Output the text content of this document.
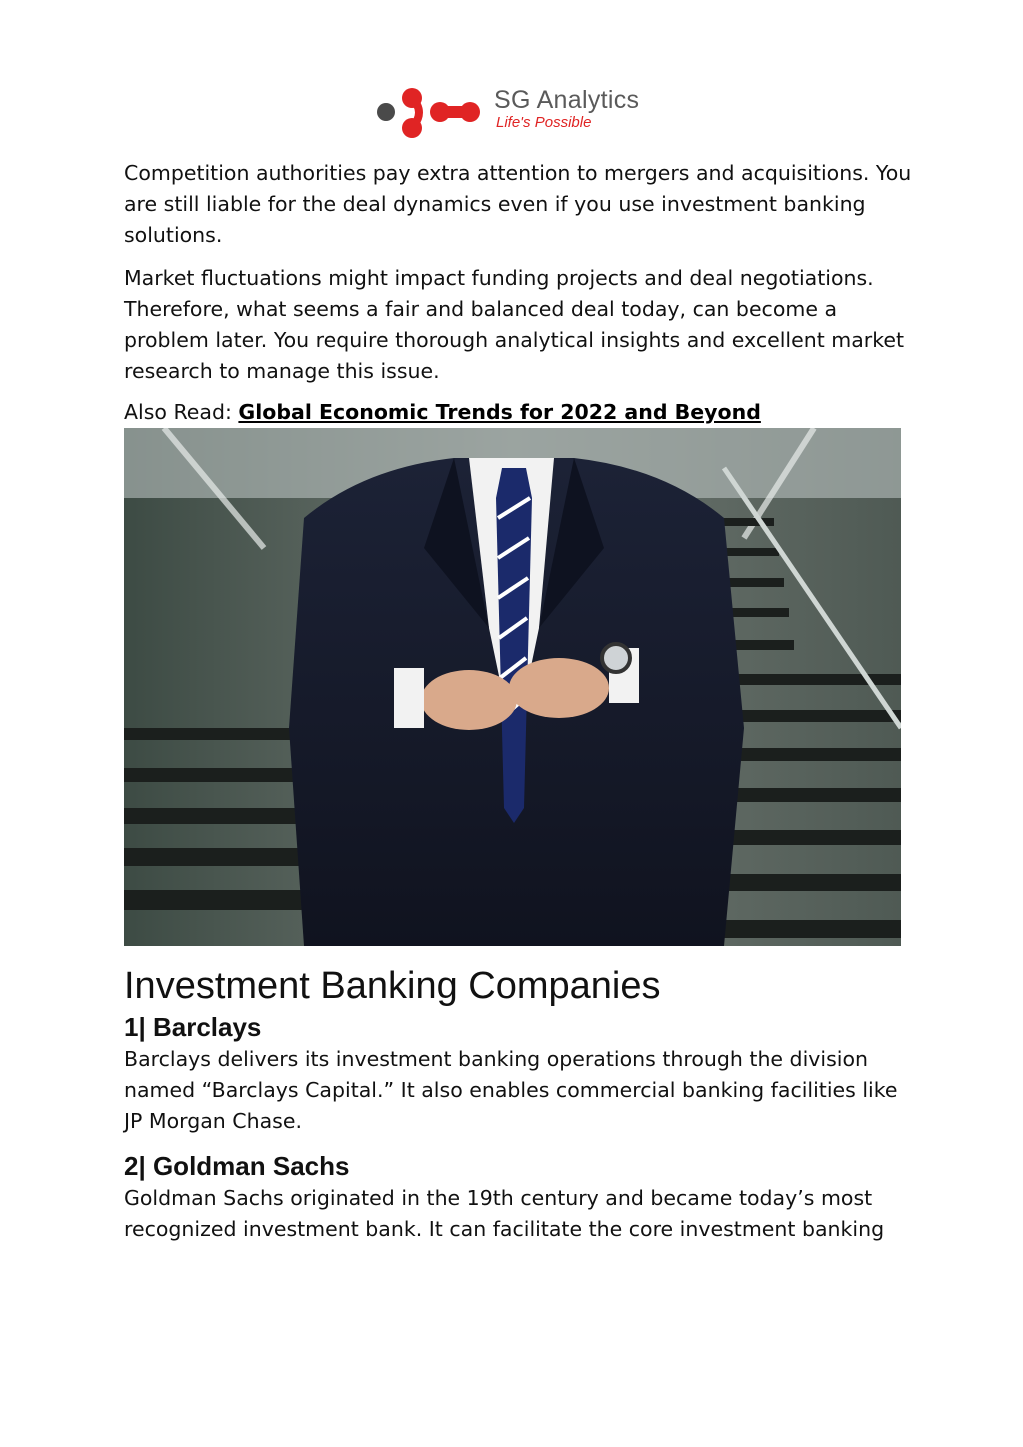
SG Analytics
Life's Possible

Competition authorities pay extra attention to mergers and acquisitions. You are still liable for the deal dynamics even if you use investment banking solutions.

Market fluctuations might impact funding projects and deal negotiations. Therefore, what seems a fair and balanced deal today, can become a problem later. You require thorough analytical insights and excellent market research to manage this issue.

Also Read: Global Economic Trends for 2022 and Beyond

Investment Banking Companies
1| Barclays

Barclays delivers its investment banking operations through the division named “Barclays Capital.” It also enables commercial banking facilities like JP Morgan Chase.

2| Goldman Sachs

Goldman Sachs originated in the 19th century and became today’s most recognized investment bank. It can facilitate the core investment banking
